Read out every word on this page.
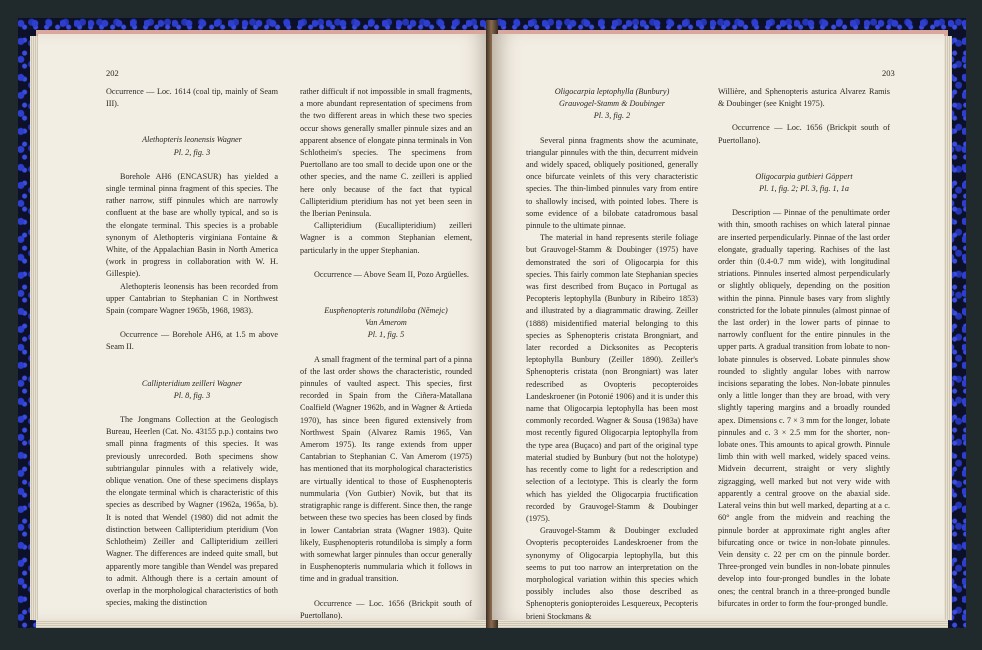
202

Occurrence — Loc. 1614 (coal tip, mainly of Seam III).

Alethopteris leonensis Wagner

Pl. 2, fig. 3

Borehole AH6 (ENCASUR) has yielded a single terminal pinna fragment of this species. The rather narrow, stiff pinnules which are narrowly confluent at the base are wholly typical, and so is the elongate terminal. This species is a probable synonym of Alethopteris virginiana Fontaine & White, of the Appalachian Basin in North America (work in progress in collaboration with W. H. Gillespie).

Alethopteris leonensis has been recorded from upper Cantabrian to Stephanian C in Northwest Spain (compare Wagner 1965b, 1968, 1983).

Occurrence — Borehole AH6, at 1.5 m above Seam II.

Callipteridium zeilleri Wagner

Pl. 8, fig. 3

The Jongmans Collection at the Geologisch Bureau, Heerlen (Cat. No. 43155 p.p.) contains two small pinna fragments of this species. It was previously unrecorded. Both specimens show subtriangular pinnules with a relatively wide, oblique venation. One of these specimens displays the elongate terminal which is characteristic of this species as described by Wagner (1962a, 1965a, b). It is noted that Wendel (1980) did not admit the distinction between Callipteridium pteridium (Von Schlotheim) Zeiller and Callipteridium zeilleri Wagner. The differences are indeed quite small, but apparently more tangible than Wendel was prepared to admit. Although there is a certain amount of overlap in the morphological characteristics of both species, making the distinction

rather difficult if not impossible in small fragments, a more abundant representation of specimens from the two different areas in which these two species occur shows generally smaller pinnule sizes and an apparent absence of elongate pinna terminals in Von Schlotheim's species. The specimens from Puertollano are too small to decide upon one or the other species, and the name C. zeilleri is applied here only because of the fact that typical Callipteridium pteridium has not yet been seen in the Iberian Peninsula.

Callipteridium (Eucallipteridium) zeilleri Wagner is a common Stephanian element, particularly in the upper Stephanian.

Occurrence — Above Seam II, Pozo Argüelles.

Eusphenopteris rotundiloba (Němejc)

Van Amerom

Pl. 1, fig. 5

A small fragment of the terminal part of a pinna of the last order shows the characteristic, rounded pinnules of vaulted aspect. This species, first recorded in Spain from the Ciñera-Matallana Coalfield (Wagner 1962b, and in Wagner & Artieda 1970), has since been figured extensively from Northwest Spain (Alvarez Ramis 1965, Van Amerom 1975). Its range extends from upper Cantabrian to Stephanian C. Van Amerom (1975) has mentioned that its morphological characteristics are virtually identical to those of Eusphenopteris nummularia (Von Gutbier) Novik, but that its stratigraphic range is different. Since then, the range between these two species has been closed by finds in lower Cantabrian strata (Wagner 1983). Quite likely, Eusphenopteris rotundiloba is simply a form with somewhat larger pinnules than occur generally in Eusphenopteris nummularia which it follows in time and in gradual transition.

Occurrence — Loc. 1656 (Brickpit south of Puertollano).

203

Oligocarpia leptophylla (Bunbury)

Grauvogel-Stamm & Doubinger

Pl. 3, fig. 2

Several pinna fragments show the acuminate, triangular pinnules with the thin, decurrent midvein and widely spaced, obliquely positioned, generally once bifurcate veinlets of this very characteristic species. The thin-limbed pinnules vary from entire to shallowly incised, with pointed lobes. There is some evidence of a bilobate catadromous basal pinnule to the ultimate pinnae.

The material in hand represents sterile foliage but Grauvogel-Stamm & Doubinger (1975) have demonstrated the sori of Oligocarpia for this species. This fairly common late Stephanian species was first described from Buçaco in Portugal as Pecopteris leptophylla (Bunbury in Ribeiro 1853) and illustrated by a diagrammatic drawing. Zeiller (1888) misidentified material belonging to this species as Sphenopteris cristata Brongniart, and later recorded a Dicksonites as Pecopteris leptophylla Bunbury (Zeiller 1890). Zeiller's Sphenopteris cristata (non Brongniart) was later redescribed as Ovopteris pecopteroides Landeskroener (in Potonié 1906) and it is under this name that Oligocarpia leptophylla has been most commonly recorded. Wagner & Sousa (1983a) have most recently figured Oligocarpia leptophylla from the type area (Buçaco) and part of the original type material studied by Bunbury (but not the holotype) has recently come to light for a redescription and selection of a lectotype. This is clearly the form which has yielded the Oligocarpia fructification recorded by Grauvogel-Stamm & Doubinger (1975).

Grauvogel-Stamm & Doubinger excluded Ovopteris pecopteroides Landeskroener from the synonymy of Oligocarpia leptophylla, but this seems to put too narrow an interpretation on the morphological variation within this species which possibly includes also those described as Sphenopteris goniopteroides Lesquereux, Pecopteris brieni Stockmans &

Willière, and Sphenopteris asturica Alvarez Ramis & Doubinger (see Knight 1975).

Occurrence — Loc. 1656 (Brickpit south of Puertollano).

Oligocarpia gutbieri Göppert

Pl. 1, fig. 2; Pl. 3, fig. 1, 1a

Description — Pinnae of the penultimate order with thin, smooth rachises on which lateral pinnae are inserted perpendicularly. Pinnae of the last order elongate, gradually tapering. Rachises of the last order thin (0.4-0.7 mm wide), with longitudinal striations. Pinnules inserted almost perpendicularly or slightly obliquely, depending on the position within the pinna. Pinnule bases vary from slightly constricted for the lobate pinnules (almost pinnae of the last order) in the lower parts of pinnae to narrowly confluent for the entire pinnules in the upper parts. A gradual transition from lobate to non-lobate pinnules is observed. Lobate pinnules show rounded to slightly angular lobes with narrow incisions separating the lobes. Non-lobate pinnules only a little longer than they are broad, with very slightly tapering margins and a broadly rounded apex. Dimensions c. 7 × 3 mm for the longer, lobate pinnules and c. 3 × 2.5 mm for the shorter, non-lobate ones. This amounts to apical growth. Pinnule limb thin with well marked, widely spaced veins. Midvein decurrent, straight or very slightly zigzagging, well marked but not very wide with apparently a central groove on the abaxial side. Lateral veins thin but well marked, departing at a c. 60° angle from the midvein and reaching the pinnule border at approximate right angles after bifurcating once or twice in non-lobate pinnules. Vein density c. 22 per cm on the pinnule border. Three-pronged vein bundles in non-lobate pinnules develop into four-pronged bundles in the lobate ones; the central branch in a three-pronged bundle bifurcates in order to form the four-pronged bundle.
